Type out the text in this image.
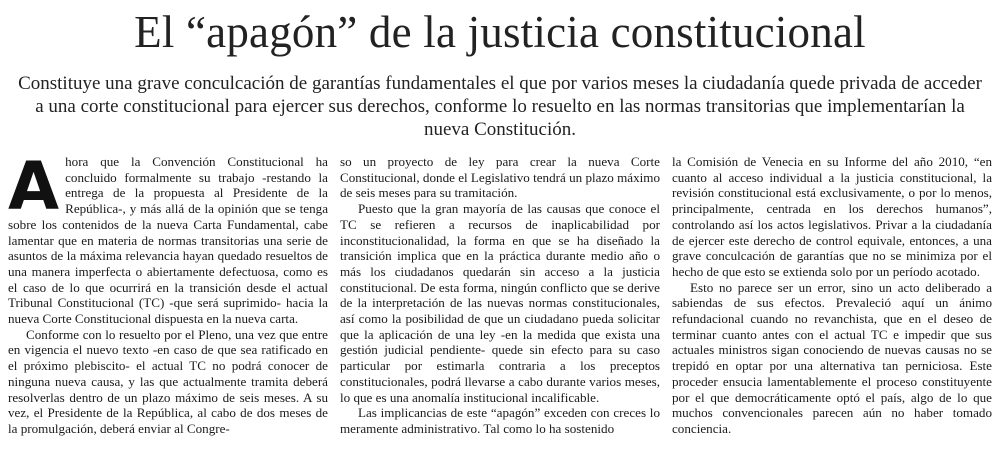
El “apagón” de la justicia constitucional
Constituye una grave conculcación de garantías fundamentales el que por varios meses la ciudadanía quede privada de acceder a una corte constitucional para ejercer sus derechos, conforme lo resuelto en las normas transitorias que implementarían la nueva Constitución.

Ahora que la Convención Constitucional ha concluido formalmente su trabajo -restando la entrega de la propuesta al Presidente de la República-, y más allá de la opinión que se tenga sobre los contenidos de la nueva Carta Fundamental, cabe lamentar que en materia de normas transitorias una serie de asuntos de la máxima relevancia hayan quedado resueltos de una manera imperfecta o abiertamente defectuosa, como es el caso de lo que ocurrirá en la transición desde el actual Tribunal Constitucional (TC) -que será suprimido- hacia la nueva Corte Constitucional dispuesta en la nueva carta.

Conforme con lo resuelto por el Pleno, una vez que entre en vigencia el nuevo texto -en caso de que sea ratificado en el próximo plebiscito- el actual TC no podrá conocer de ninguna nueva causa, y las que actualmente tramita deberá resolverlas dentro de un plazo máximo de seis meses. A su vez, el Presidente de la República, al cabo de dos meses de la promulgación, deberá enviar al Congre-

so un proyecto de ley para crear la nueva Corte Constitucional, donde el Legislativo tendrá un plazo máximo de seis meses para su tramitación.

Puesto que la gran mayoría de las causas que conoce el TC se refieren a recursos de inaplicabilidad por inconstitucionalidad, la forma en que se ha diseñado la transición implica que en la práctica durante medio año o más los ciudadanos quedarán sin acceso a la justicia constitucional. De esta forma, ningún conflicto que se derive de la interpretación de las nuevas normas constitucionales, así como la posibilidad de que un ciudadano pueda solicitar que la aplicación de una ley -en la medida que exista una gestión judicial pendiente- quede sin efecto para su caso particular por estimarla contraria a los preceptos constitucionales, podrá llevarse a cabo durante varios meses, lo que es una anomalía institucional incalificable.

Las implicancias de este “apagón” exceden con creces lo meramente administrativo. Tal como lo ha sostenido

la Comisión de Venecia en su Informe del año 2010, “en cuanto al acceso individual a la justicia constitucional, la revisión constitucional está exclusivamente, o por lo menos, principalmente, centrada en los derechos humanos”, controlando así los actos legislativos. Privar a la ciudadanía de ejercer este derecho de control equivale, entonces, a una grave conculcación de garantías que no se minimiza por el hecho de que esto se extienda solo por un período acotado.

Esto no parece ser un error, sino un acto deliberado a sabiendas de sus efectos. Prevaleció aquí un ánimo refundacional cuando no revanchista, que en el deseo de terminar cuanto antes con el actual TC e impedir que sus actuales ministros sigan conociendo de nuevas causas no se trepidó en optar por una alternativa tan perniciosa. Este proceder ensucia lamentablemente el proceso constituyente por el que democráticamente optó el país, algo de lo que muchos convencionales parecen aún no haber tomado conciencia.
